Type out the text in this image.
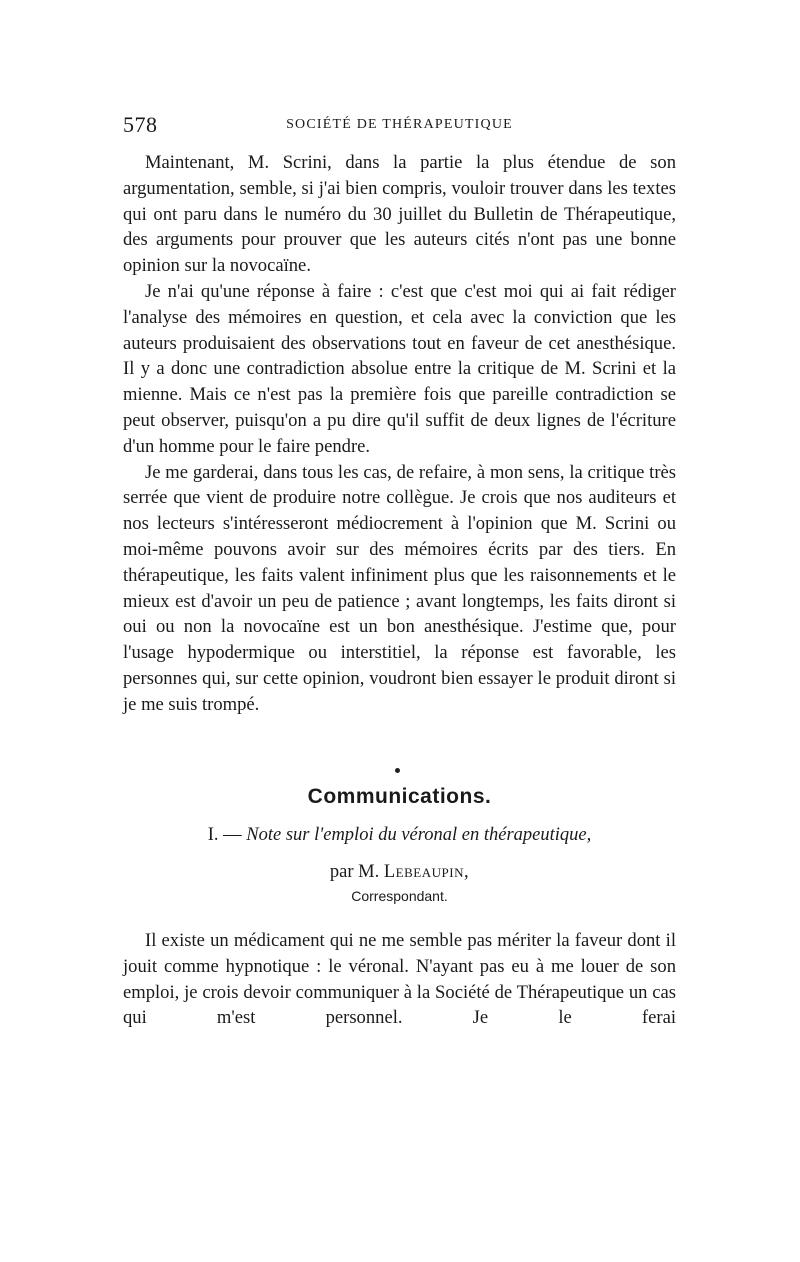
578	SOCIÉTÉ DE THÉRAPEUTIQUE

Maintenant, M. Scrini, dans la partie la plus étendue de son argumentation, semble, si j'ai bien compris, vouloir trouver dans les textes qui ont paru dans le numéro du 30 juillet du Bulletin de Thérapeutique, des arguments pour prouver que les auteurs cités n'ont pas une bonne opinion sur la novocaïne.

Je n'ai qu'une réponse à faire : c'est que c'est moi qui ai fait rédiger l'analyse des mémoires en question, et cela avec la conviction que les auteurs produisaient des observations tout en faveur de cet anesthésique. Il y a donc une contradiction absolue entre la critique de M. Scrini et la mienne. Mais ce n'est pas la première fois que pareille contradiction se peut observer, puisqu'on a pu dire qu'il suffit de deux lignes de l'écriture d'un homme pour le faire pendre.

Je me garderai, dans tous les cas, de refaire, à mon sens, la critique très serrée que vient de produire notre collègue. Je crois que nos auditeurs et nos lecteurs s'intéresseront médiocrement à l'opinion que M. Scrini ou moi-même pouvons avoir sur des mémoires écrits par des tiers. En thérapeutique, les faits valent infiniment plus que les raisonnements et le mieux est d'avoir un peu de patience ; avant longtemps, les faits diront si oui ou non la novocaïne est un bon anesthésique. J'estime que, pour l'usage hypodermique ou interstitiel, la réponse est favorable, les personnes qui, sur cette opinion, voudront bien essayer le produit diront si je me suis trompé.

Communications.
I. — Note sur l'emploi du véronal en thérapeutique,
par M. Lebeaupin,
Correspondant.

Il existe un médicament qui ne me semble pas mériter la faveur dont il jouit comme hypnotique : le véronal. N'ayant pas eu à me louer de son emploi, je crois devoir communiquer à la Société de Thérapeutique un cas qui m'est personnel. Je le ferai
